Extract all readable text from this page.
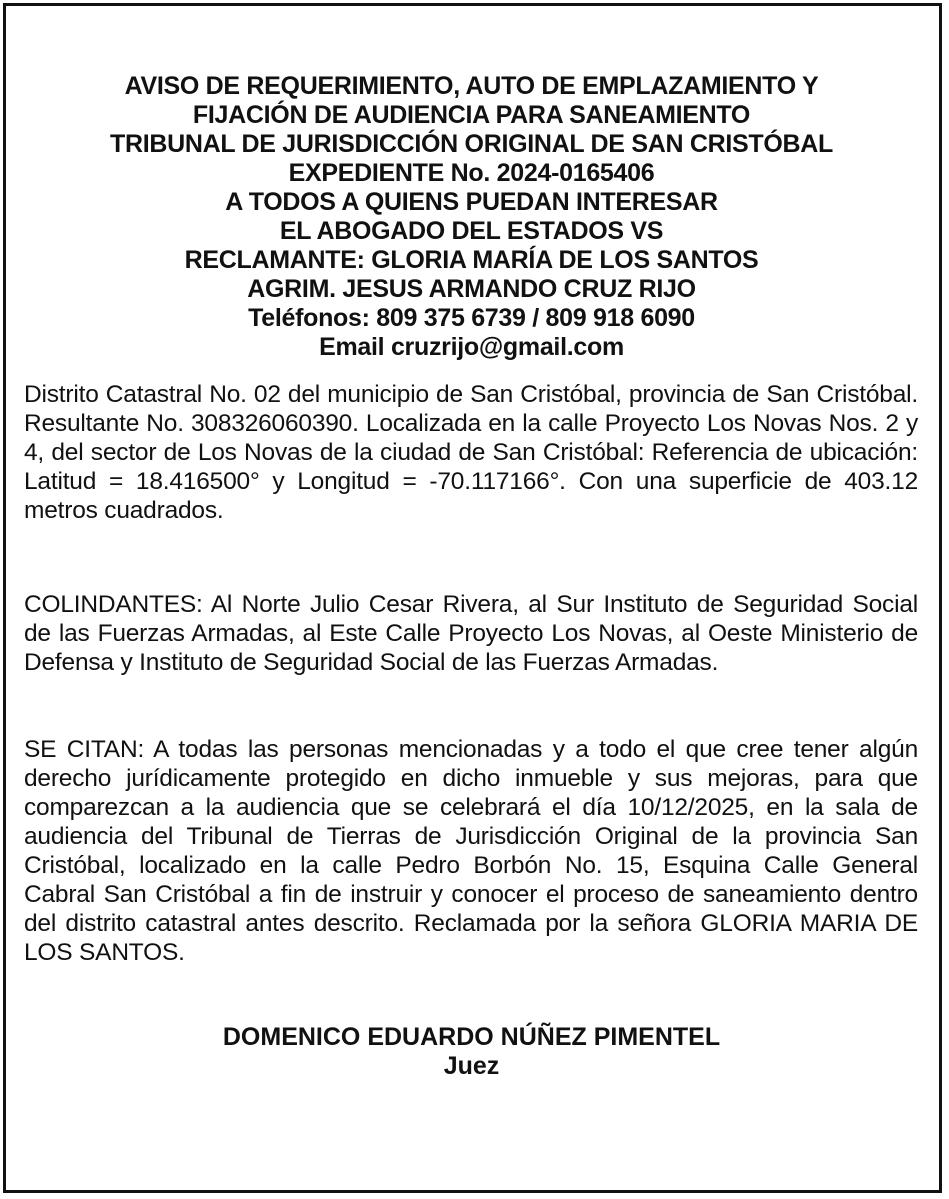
AVISO DE REQUERIMIENTO, AUTO DE EMPLAZAMIENTO Y
FIJACIÓN DE AUDIENCIA PARA SANEAMIENTO
TRIBUNAL DE JURISDICCIÓN ORIGINAL DE SAN CRISTÓBAL
EXPEDIENTE No. 2024-0165406
A TODOS A QUIENS PUEDAN INTERESAR
EL ABOGADO DEL ESTADOS VS
RECLAMANTE: GLORIA MARÍA DE LOS SANTOS
AGRIM. JESUS ARMANDO CRUZ RIJO
Teléfonos: 809 375 6739 / 809 918 6090
Email cruzrijo@gmail.com
Distrito Catastral No. 02 del municipio de San Cristóbal, provincia de San Cristóbal. Resultante No. 308326060390. Localizada en la calle Proyecto Los Novas Nos. 2 y 4, del sector de Los Novas de la ciudad de San Cristóbal: Referencia de ubicación: Latitud = 18.416500° y Longitud = -70.117166°. Con una superficie de 403.12 metros cuadrados.
COLINDANTES: Al Norte Julio Cesar Rivera, al Sur Instituto de Seguridad Social de las Fuerzas Armadas, al Este Calle Proyecto Los Novas, al Oeste Ministerio de Defensa y Instituto de Seguridad Social de las Fuerzas Armadas.
SE CITAN: A todas las personas mencionadas y a todo el que cree tener algún derecho jurídicamente protegido en dicho inmueble y sus mejoras, para que comparezcan a la audiencia que se celebrará el día 10/12/2025, en la sala de audiencia del Tribunal de Tierras de Jurisdicción Original de la provincia San Cristóbal, localizado en la calle Pedro Borbón No. 15, Esquina Calle General Cabral San Cristóbal a fin de instruir y conocer el proceso de saneamiento dentro del distrito catastral antes descrito. Reclamada por la señora GLORIA MARIA DE LOS SANTOS.
DOMENICO EDUARDO NÚÑEZ PIMENTEL
Juez
